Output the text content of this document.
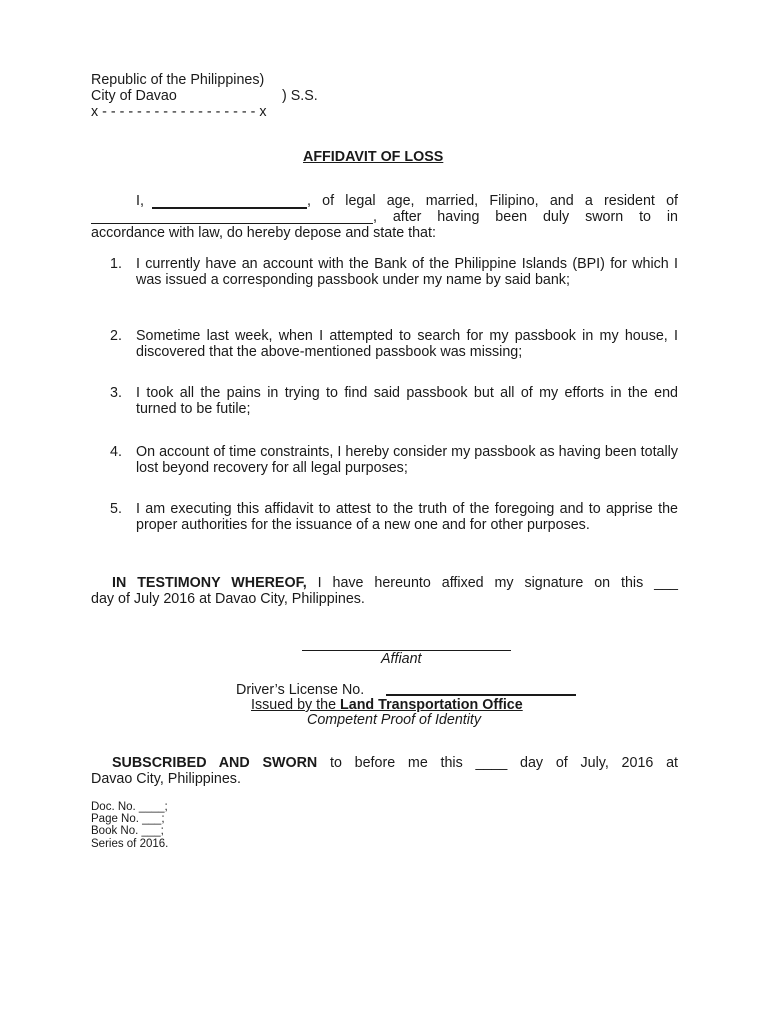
Republic of the Philippines)
City of Davao	) S.S.
x - - - - - - - - - - - - - - - - - - x
AFFIDAVIT OF LOSS
I,	, of legal age, married, Filipino, and a resident of
, after having been duly sworn to in
accordance with law, do hereby depose and state that:
1. I currently have an account with the Bank of the Philippine Islands (BPI) for which I was issued a corresponding passbook under my name by said bank;
2. Sometime last week, when I attempted to search for my passbook in my house, I discovered that the above-mentioned passbook was missing;
3. I took all the pains in trying to find said passbook but all of my efforts in the end turned to be futile;
4. On account of time constraints, I hereby consider my passbook as having been totally lost beyond recovery for all legal purposes;
5. I am executing this affidavit to attest to the truth of the foregoing and to apprise the proper authorities for the issuance of a new one and for other purposes.
IN TESTIMONY WHEREOF, I have hereunto affixed my signature on this ___
day of July 2016 at Davao City, Philippines.
Affiant
Driver’s License No.
Issued by the Land Transportation Office
Competent Proof of Identity
SUBSCRIBED AND SWORN to before me this ____ day of July, 2016 at
Davao City, Philippines.
Doc. No. ____;
Page No. ___;
Book No. ___;
Series of 2016.
